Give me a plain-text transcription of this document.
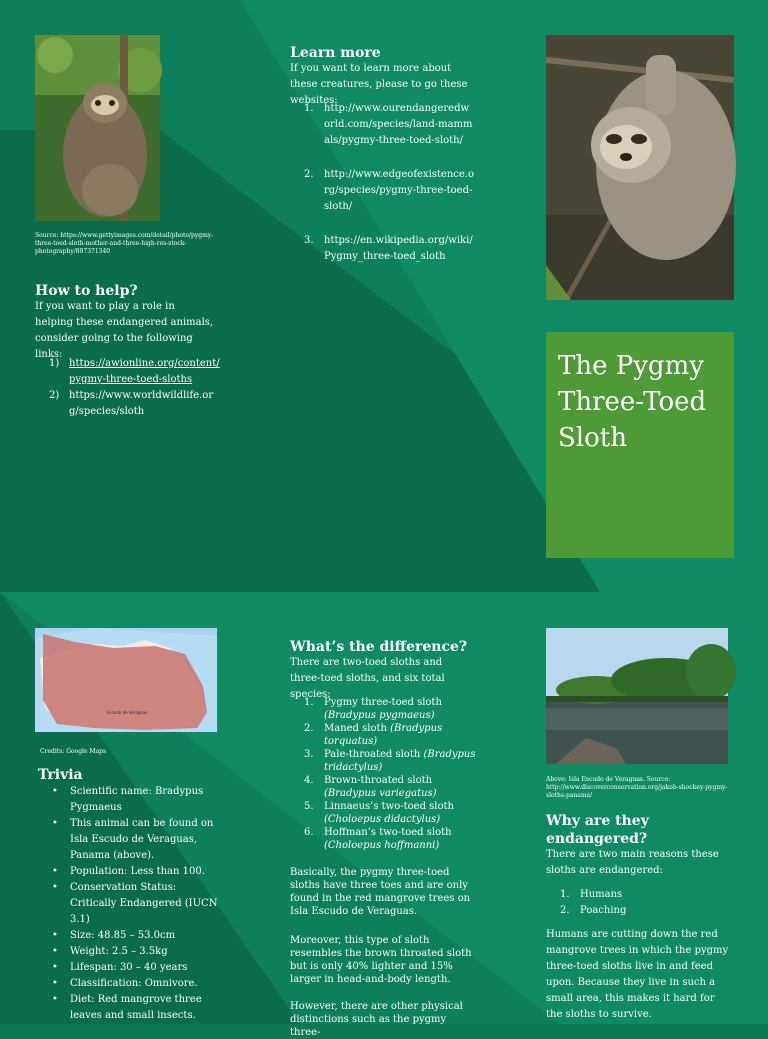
Source: https://www.gettyimages.com/detail/photo/pygmy-three-toed-sloth-mother-and-three-high-res-stock-photography/897371340
How to help?
If you want to play a role in helping these endangered animals, consider going to the following links:
1) https://awionline.org/content/pygmy-three-toed-sloths
2) https://www.worldwildlife.org/species/sloth
Learn more
If you want to learn more about these creatures, please to go these websites:
1. http://www.ourendangeredworld.com/species/land-mammals/pygmy-three-toed-sloth/
2. http://www.edgeofexistence.org/species/pygmy-three-toed-sloth/
3. https://en.wikipedia.org/wiki/Pygmy_three-toed_sloth
The Pygmy Three-Toed Sloth
Escudo de Veraguas
Credits: Google Maps
Trivia
• Scientific name: Bradypus Pygmaeus
• This animal can be found on Isla Escudo de Veraguas, Panama (above).
• Population: Less than 100.
• Conservation Status: Critically Endangered (IUCN 3.1)
• Size: 48.85 – 53.0cm
• Weight: 2.5 – 3.5kg
• Lifespan: 30 – 40 years
• Classification: Omnivore.
• Diet: Red mangrove three leaves and small insects.
What’s the difference?
There are two-toed sloths and three-toed sloths, and six total species:
1. Pygmy three-toed sloth (Bradypus pygmaeus)
2. Maned sloth (Bradypus torquatus)
3. Pale-throated sloth (Bradypus tridactylus)
4. Brown-throated sloth (Bradypus variegatus)
5. Linnaeus’s two-toed sloth (Choloepus didactylus)
6. Hoffman’s two-toed sloth (Choloepus hoffmanni)
Basically, the pygmy three-toed sloths have three toes and are only found in the red mangrove trees on Isla Escudo de Veraguas.
Moreover, this type of sloth resembles the brown throated sloth but is only 40% lighter and 15% larger in head-and-body length.
However, there are other physical distinctions such as the pygmy three-
Above: Isla Escudo de Veraguas. Source: http://www.discoverconservation.org/jakob-shockey-pygmy-sloths-panama/
Why are they endangered?
There are two main reasons these sloths are endangered:
1. Humans
2. Poaching
Humans are cutting down the red mangrove trees in which the pygmy three-toed sloths live in and feed upon. Because they live in such a small area, this makes it hard for the sloths to survive.
